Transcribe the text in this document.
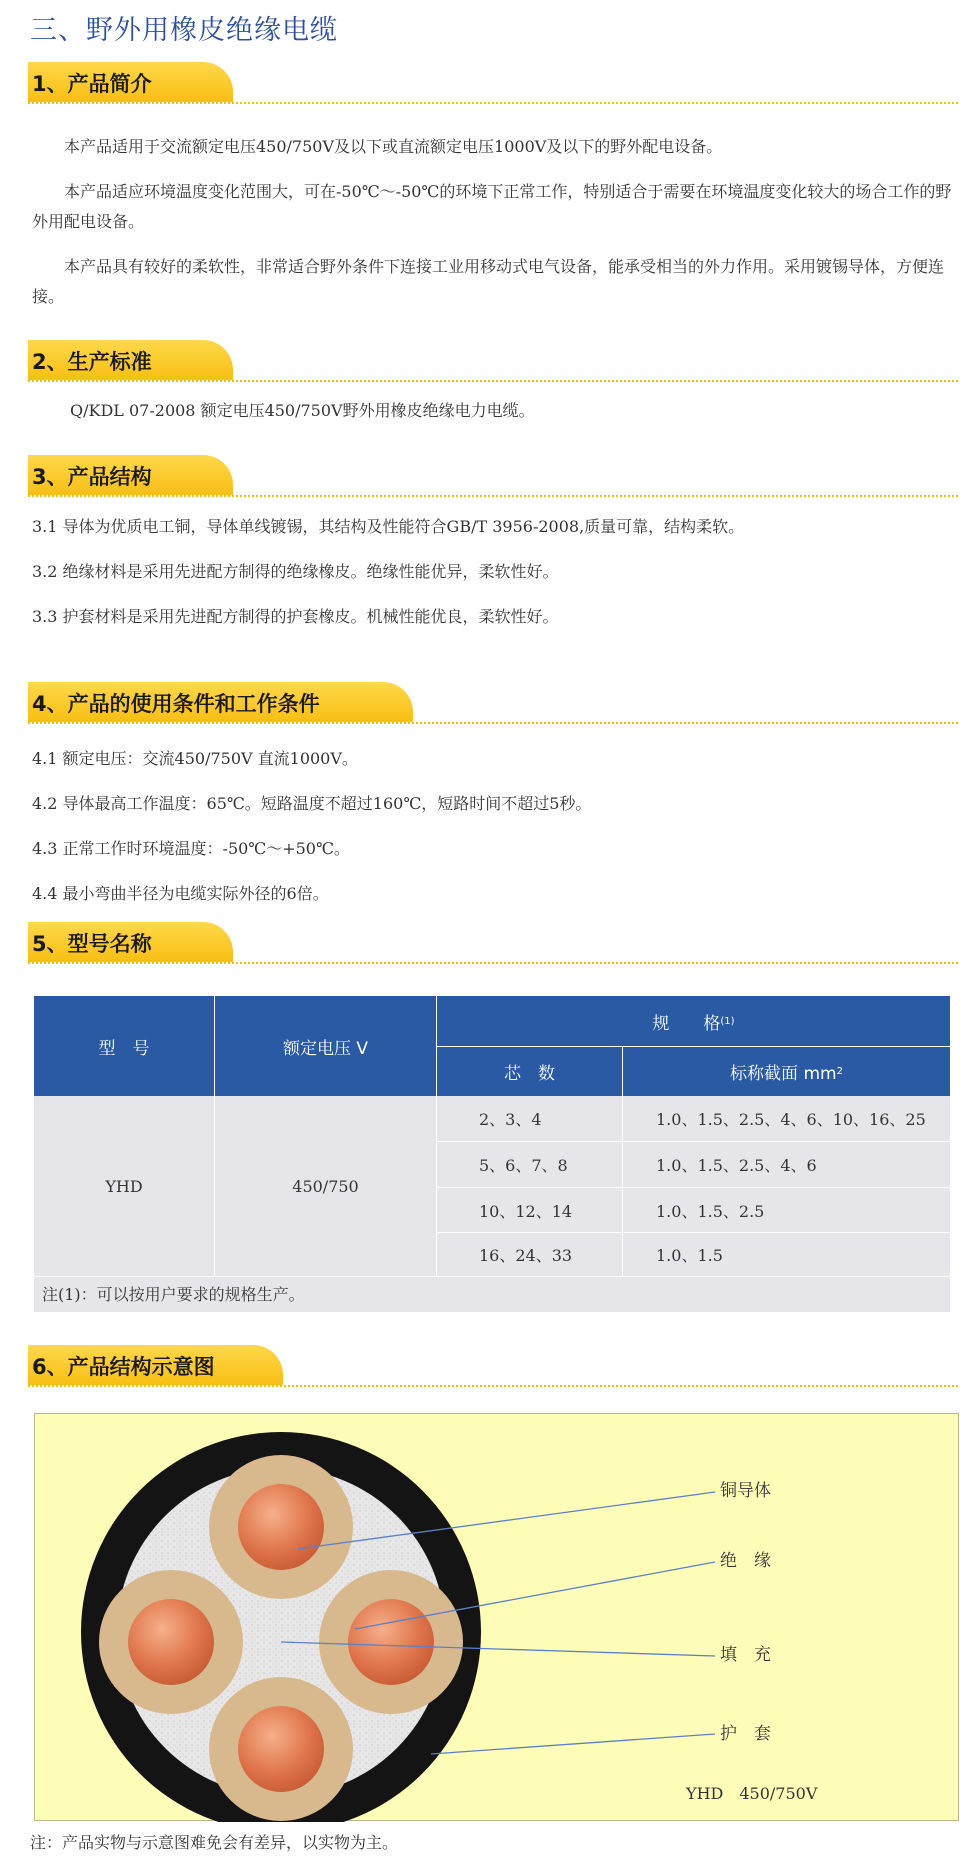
三、野外用橡皮绝缘电缆
1、产品简介
本产品适用于交流额定电压450/750V及以下或直流额定电压1000V及以下的野外配电设备。
本产品适应环境温度变化范围大，可在-50℃～-50℃的环境下正常工作，特别适合于需要在环境温度变化较大的场合工作的野外用配电设备。
本产品具有较好的柔软性，非常适合野外条件下连接工业用移动式电气设备，能承受相当的外力作用。采用镀锡导体，方便连接。
2、生产标准
Q/KDL 07-2008 额定电压450/750V野外用橡皮绝缘电力电缆。
3、产品结构
3.1 导体为优质电工铜，导体单线镀锡，其结构及性能符合GB/T 3956-2008,质量可靠，结构柔软。
3.2 绝缘材料是采用先进配方制得的绝缘橡皮。绝缘性能优异，柔软性好。
3.3 护套材料是采用先进配方制得的护套橡皮。机械性能优良，柔软性好。
4、产品的使用条件和工作条件
4.1 额定电压：交流450/750V 直流1000V。
4.2 导体最高工作温度：65℃。短路温度不超过160℃，短路时间不超过5秒。
4.3 正常工作时环境温度：-50℃～+50℃。
4.4 最小弯曲半径为电缆实际外径的6倍。
5、型号名称
型　号	额定电压 V
规　　格 (1)
芯　数	标称截面 mm 2
YHD	450/750
2、3、4	1.0、1.5、2.5、4、6、10、16、25
5、6、7、8	1.0、1.5、2.5、4、6
10、12、14	1.0、1.5、2.5
16、24、33	1.0、1.5
注(1)：可以按用户要求的规格生产。
6、产品结构示意图
铜导体
绝　缘
填　充
护　套
YHD　450/750V
注：产品实物与示意图难免会有差异，以实物为主。
